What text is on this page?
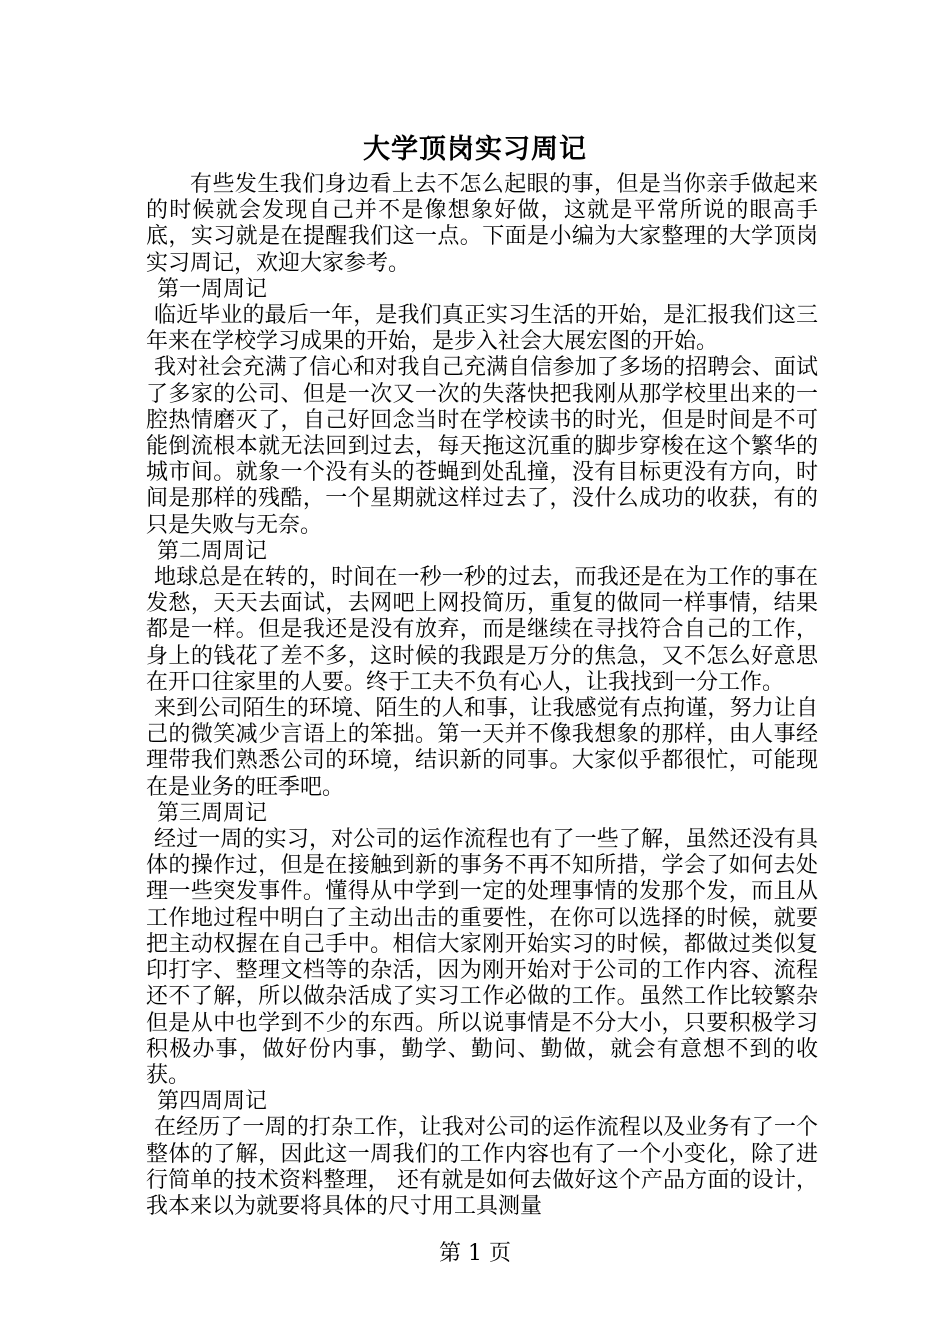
大学顶岗实习周记

有些发生我们身边看上去不怎么起眼的事，但是当你亲手做起来的时候就会发现自己并不是像想象好做，这就是平常所说的眼高手底，实习就是在提醒我们这一点。下面是小编为大家整理的大学顶岗实习周记，欢迎大家参考。

第一周周记

临近毕业的最后一年，是我们真正实习生活的开始，是汇报我们这三年来在学校学习成果的开始，是步入社会大展宏图的开始。

我对社会充满了信心和对我自己充满自信参加了多场的招聘会、面试了多家的公司、但是一次又一次的失落快把我刚从那学校里出来的一腔热情磨灭了，自己好回念当时在学校读书的时光，但是时间是不可能倒流根本就无法回到过去，每天拖这沉重的脚步穿梭在这个繁华的城市间。就象一个没有头的苍蝇到处乱撞，没有目标更没有方向，时间是那样的残酷，一个星期就这样过去了，没什么成功的收获，有的只是失败与无奈。

第二周周记

地球总是在转的，时间在一秒一秒的过去，而我还是在为工作的事在发愁，天天去面试，去网吧上网投简历，重复的做同一样事情，结果都是一样。但是我还是没有放弃，而是继续在寻找符合自己的工作，身上的钱花了差不多，这时候的我跟是万分的焦急，又不怎么好意思在开口往家里的人要。终于工夫不负有心人，让我找到一分工作。

来到公司陌生的环境、陌生的人和事，让我感觉有点拘谨，努力让自己的微笑减少言语上的笨拙。第一天并不像我想象的那样，由人事经理带我们熟悉公司的环境，结识新的同事。大家似乎都很忙，可能现在是业务的旺季吧。

第三周周记

经过一周的实习，对公司的运作流程也有了一些了解，虽然还没有具体的操作过，但是在接触到新的事务不再不知所措，学会了如何去处理一些突发事件。懂得从中学到一定的处理事情的发那个发，而且从工作地过程中明白了主动出击的重要性，在你可以选择的时候，就要把主动权握在自己手中。相信大家刚开始实习的时候，都做过类似复印打字、整理文档等的杂活，因为刚开始对于公司的工作内容、流程还不了解，所以做杂活成了实习工作必做的工作。虽然工作比较繁杂但是从中也学到不少的东西。所以说事情是不分大小，只要积极学习积极办事，做好份内事，勤学、勤问、勤做，就会有意想不到的收获。

第四周周记

在经历了一周的打杂工作，让我对公司的运作流程以及业务有了一个整体的了解，因此这一周我们的工作内容也有了一个小变化，除了进行简单的技术资料整理， 还有就是如何去做好这个产品方面的设计，我本来以为就要将具体的尺寸用工具测量

第 1 页
